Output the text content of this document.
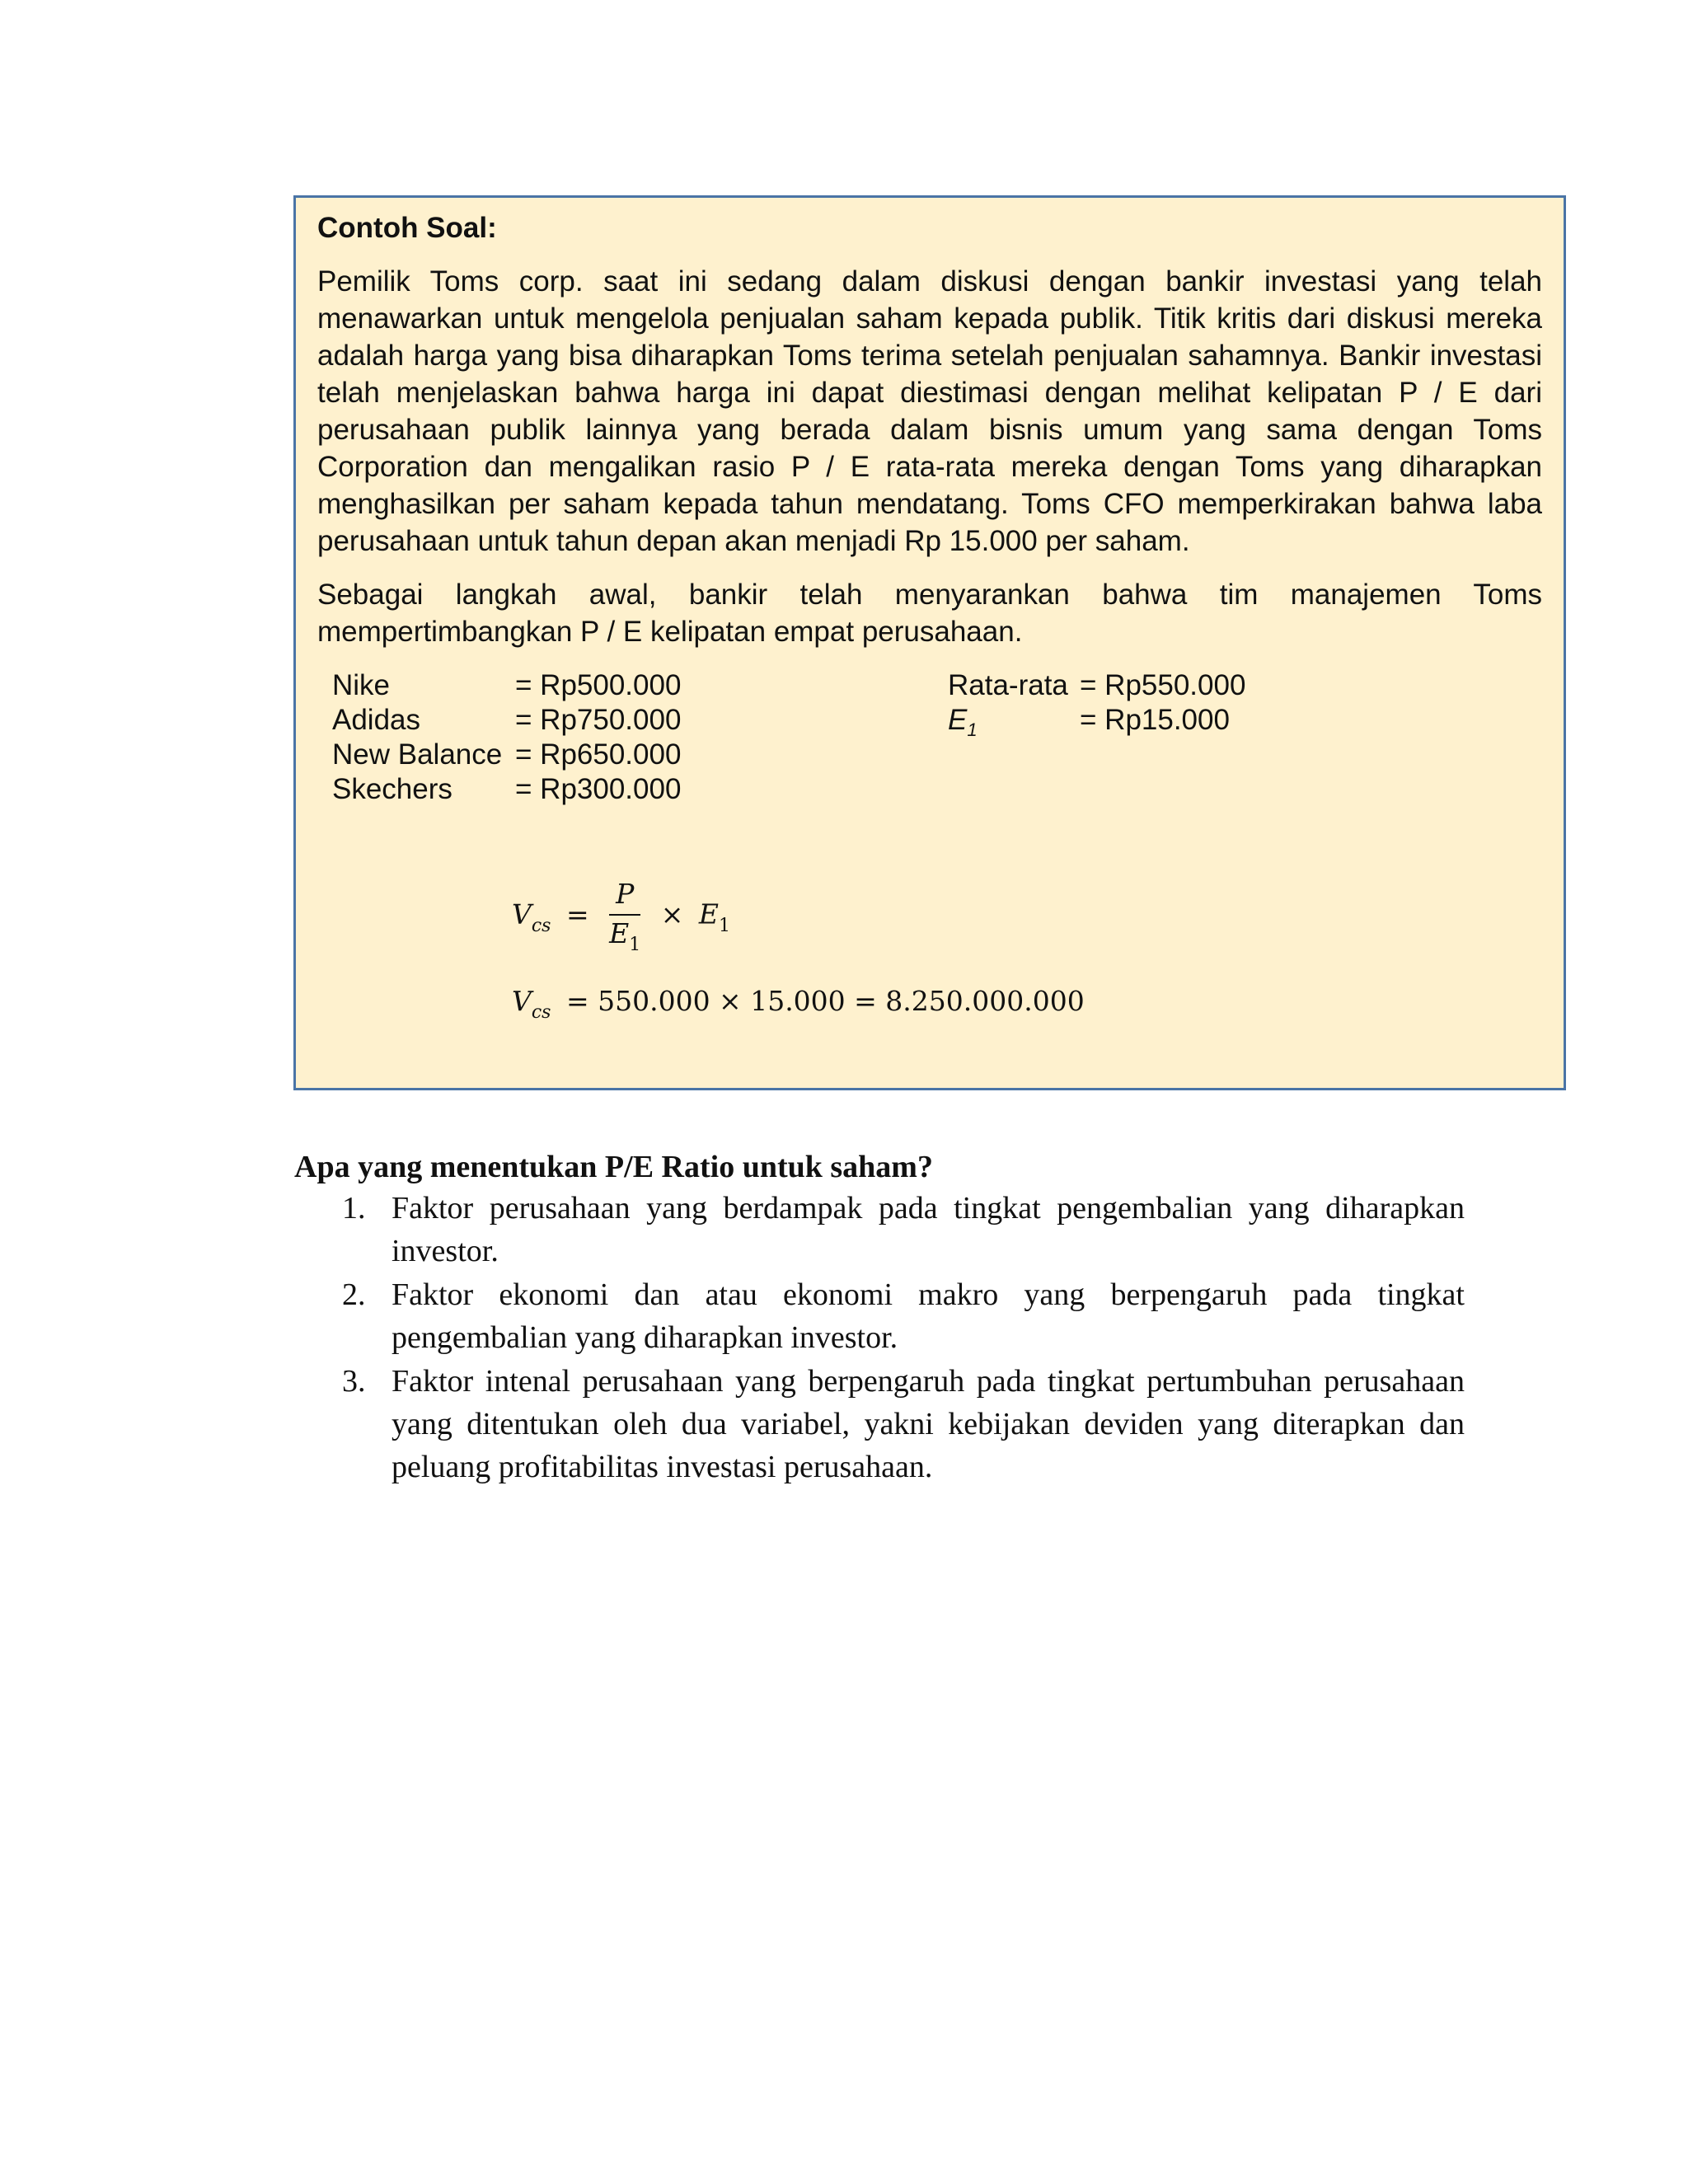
Contoh Soal:

Pemilik Toms corp. saat ini sedang dalam diskusi dengan bankir investasi yang telah menawarkan untuk mengelola penjualan saham kepada publik. Titik kritis dari diskusi mereka adalah harga yang bisa diharapkan Toms terima setelah penjualan sahamnya. Bankir investasi telah menjelaskan bahwa harga ini dapat diestimasi dengan melihat kelipatan P / E dari perusahaan publik lainnya yang berada dalam bisnis umum yang sama dengan Toms Corporation dan mengalikan rasio P / E rata-rata mereka dengan Toms yang diharapkan menghasilkan per saham kepada tahun mendatang. Toms CFO memperkirakan bahwa laba perusahaan untuk tahun depan akan menjadi Rp 15.000 per saham.

Sebagai langkah awal, bankir telah menyarankan bahwa tim manajemen Toms mempertimbangkan P / E kelipatan empat perusahaan.

Nike	= Rp500.000
Adidas	= Rp750.000
New Balance = Rp650.000
Skechers = Rp300.000
Rata-rata = Rp550.000
$E_1$	= Rp15.000
$V_{cs} = \frac{P}{E_1} \times E_1$
$V_{cs} = 550.000 \times 15.000 = 8.250.000.000$
Apa yang menentukan P/E Ratio untuk saham?
1. Faktor perusahaan yang berdampak pada tingkat pengembalian yang diharapkan investor.
2. Faktor ekonomi dan atau ekonomi makro yang berpengaruh pada tingkat pengembalian yang diharapkan investor.
3. Faktor intenal perusahaan yang berpengaruh pada tingkat pertumbuhan perusahaan yang ditentukan oleh dua variabel, yakni kebijakan deviden yang diterapkan dan peluang profitabilitas investasi perusahaan.
